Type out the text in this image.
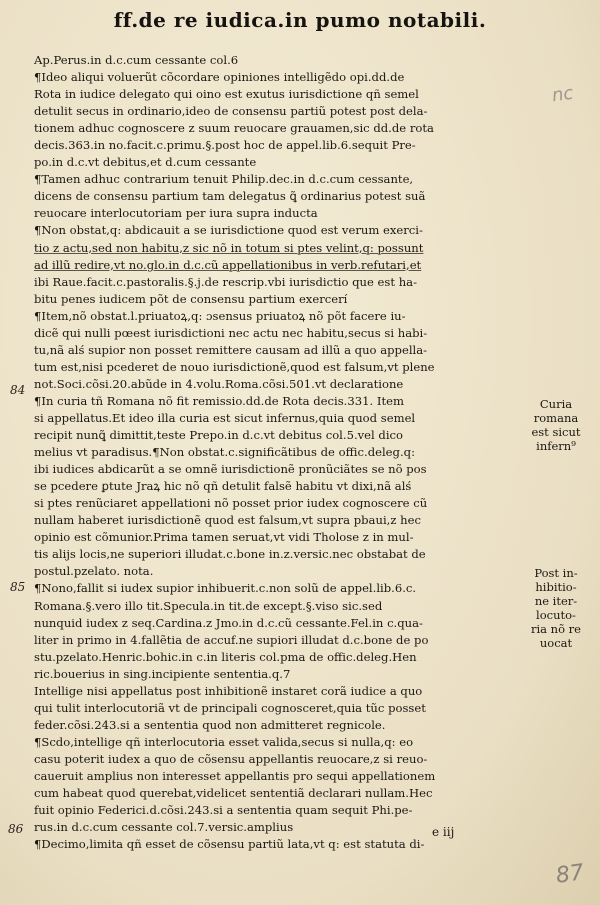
ff.de re iudica.in pumo notabili.
Ap.Perus.in d.c.cum cessante col.6
¶Ideo aliqui voluerũt cõcordare opiniones intelligẽdo opi.dd.de
Rota in iudice delegato qui oino est exutus iurisdictione qñ semel
detulit secus in ordinario,ideo de consensu partiũ potest post dela-
tionem adhuc cognoscere z suum reuocare grauamen,sic dd.de rota
decis.363.in no.facit.c.primu.§.post hoc de appel.lib.6.sequit Pre-
po.in d.c.vt debitus,et d.cum cessante
¶Tamen adhuc contrarium tenuit Philip.dec.in d.c.cum cessante,
dicens de consensu partium tam delegatus ꝗ̃ ordinarius potest suã
reuocare interlocutoriam per iura supra inducta
¶Non obstat,q: abdicauit a se iurisdictione quod est verum exerci-
tio z actu,sed non habitu,z sic nõ in totum si ptes velint,q: possunt
ad illũ redire,vt no.glo.in d.c.cũ appellationibus in verb.refutari,et
ibi Raue.facit.c.pastoralis.§.j.de rescrip.vbi iurisdictio que est ha-
bitu penes iudicem põt de consensu partium exercerí
¶Item,nõ obstat.l.priuatoꝝ,q: ɔsensus priuatoꝝ nõ põt facere iu-
dicẽ qui nulli pœest iurisdictioni nec actu nec habitu,secus si habi-
tu,nã alś supior non posset remittere causam ad illũ a quo appella-
tum est,nisi pcederet de nouo iurisdictionẽ,quod est falsum,vt plene
not.Soci.cõsi.20.abũde in 4.volu.Roma.cõsi.501.vt declaratione
¶In curia tñ Romana nõ fit remissio.dd.de Rota decis.331. Item
si appellatus.Et ideo illa curia est sicut infernus,quia quod semel
recipit nunꝗ̃ dimittit,teste Prepo.in d.c.vt debitus col.5.vel dico
melius vt paradisus.¶Non obstat.c.significãtibus de offic.deleg.q:
ibi iudices abdicarũt a se omnẽ iurisdictionẽ pronũciãtes se nõ pos
se pcedere ꝑtute Jraꝝ hic nõ qñ detulit falsẽ habitu vt dixi,nã alś
si ptes renũciaret appellationi nõ posset prior iudex cognoscere cũ
nullam haberet iurisdictionẽ quod est falsum,vt supra pbaui,z hec
opinio est cõmunior.Prima tamen seruat,vt vidi Tholose z in mul-
tis alijs locis,ne superiori illudat.c.bone in.z.versic.nec obstabat de
postul.pzelato. nota.
¶Nono,fallit si iudex supior inhibuerit.c.non solũ de appel.lib.6.c.
Romana.§.vero illo tit.Specula.in tit.de except.§.viso sic.sed
nunquid iudex z seq.Cardina.z Jmo.in d.c.cũ cessante.Fel.in c.qua-
liter in primo in 4.fallẽtia de accuf.ne supiori illudat d.c.bone de po
stu.pzelato.Henric.bohic.in c.in literis col.pma de offic.deleg.Hen
ric.bouerius in sing.incipiente sententia.q.7
Intellige nisi appellatus post inhibitionẽ instaret corã iudice a quo
qui tulit interlocutoriã vt de principali cognosceret,quia tũc posset
feder.cõsi.243.si a sententia quod non admitteret regnicole.
¶Scdo,intellige qñ interlocutoria esset valida,secus si nulla,q: eo
casu poterit iudex a quo de cõsensu appellantis reuocare,z si reuo-
caueruit amplius non interesset appellantis pro sequi appellationem
cum habeat quod querebat,videlicet sententiã declarari nullam.Hec
fuit opinio Federici.d.cõsi.243.si a sententia quam sequit Phi.pe-
rus.in d.c.cum cessante col.7.versic.amplius
¶Decimo,limita qñ esset de cõsensu partiũ lata,vt q: est statuta di-
84
85
86
Curia
romana
est sicut
infern⁹
Post in-
hibitio-
ne iter-
locuto-
ria nõ re
uocat
nc
87
e iij
